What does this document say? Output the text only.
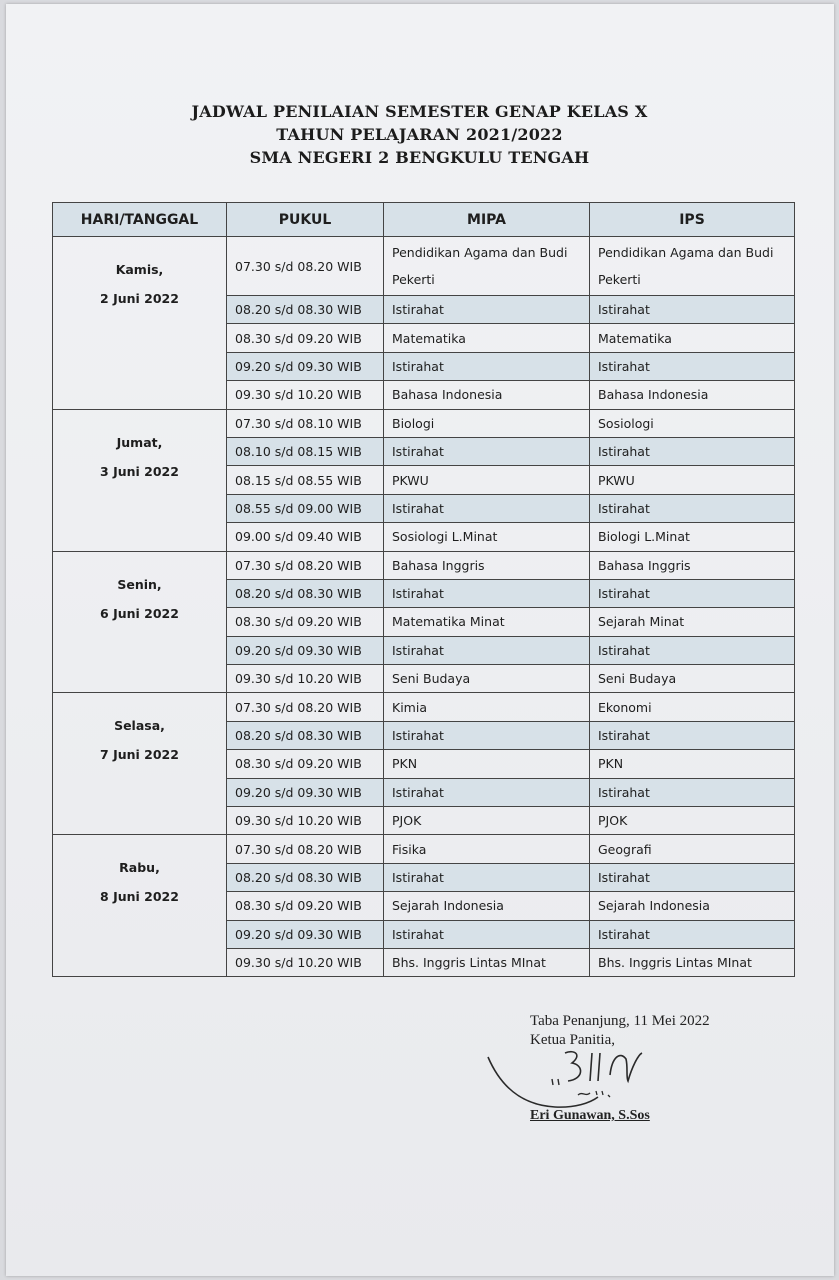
JADWAL PENILAIAN SEMESTER GENAP KELAS X
TAHUN PELAJARAN 2021/2022
SMA NEGERI 2 BENGKULU TENGAH
HARI/TANGGAL	PUKUL	MIPA	IPS

Kamis,
2 Juni 2022	07.30 s/d 08.20 WIB	Pendidikan Agama dan Budi Pekerti	Pendidikan Agama dan Budi Pekerti
	08.20 s/d 08.30 WIB	Istirahat	Istirahat
	08.30 s/d 09.20 WIB	Matematika	Matematika
	09.20 s/d 09.30 WIB	Istirahat	Istirahat
	09.30 s/d 10.20 WIB	Bahasa Indonesia	Bahasa Indonesia

Jumat,
3 Juni 2022	07.30 s/d 08.10 WIB	Biologi	Sosiologi
	08.10 s/d 08.15 WIB	Istirahat	Istirahat
	08.15 s/d 08.55 WIB	PKWU	PKWU
	08.55 s/d 09.00 WIB	Istirahat	Istirahat
	09.00 s/d 09.40 WIB	Sosiologi L.Minat	Biologi L.Minat

Senin,
6 Juni 2022	07.30 s/d 08.20 WIB	Bahasa Inggris	Bahasa Inggris
	08.20 s/d 08.30 WIB	Istirahat	Istirahat
	08.30 s/d 09.20 WIB	Matematika Minat	Sejarah Minat
	09.20 s/d 09.30 WIB	Istirahat	Istirahat
	09.30 s/d 10.20 WIB	Seni Budaya	Seni Budaya

Selasa,
7 Juni 2022	07.30 s/d 08.20 WIB	Kimia	Ekonomi
	08.20 s/d 08.30 WIB	Istirahat	Istirahat
	08.30 s/d 09.20 WIB	PKN	PKN
	09.20 s/d 09.30 WIB	Istirahat	Istirahat
	09.30 s/d 10.20 WIB	PJOK	PJOK

Rabu,
8 Juni 2022	07.30 s/d 08.20 WIB	Fisika	Geografi
	08.20 s/d 08.30 WIB	Istirahat	Istirahat
	08.30 s/d 09.20 WIB	Sejarah Indonesia	Sejarah Indonesia
	09.20 s/d 09.30 WIB	Istirahat	Istirahat
	09.30 s/d 10.20 WIB	Bhs. Inggris Lintas MInat	Bhs. Inggris Lintas MInat
Taba Penanjung, 11 Mei 2022
Ketua Panitia,
Eri Gunawan, S.Sos
